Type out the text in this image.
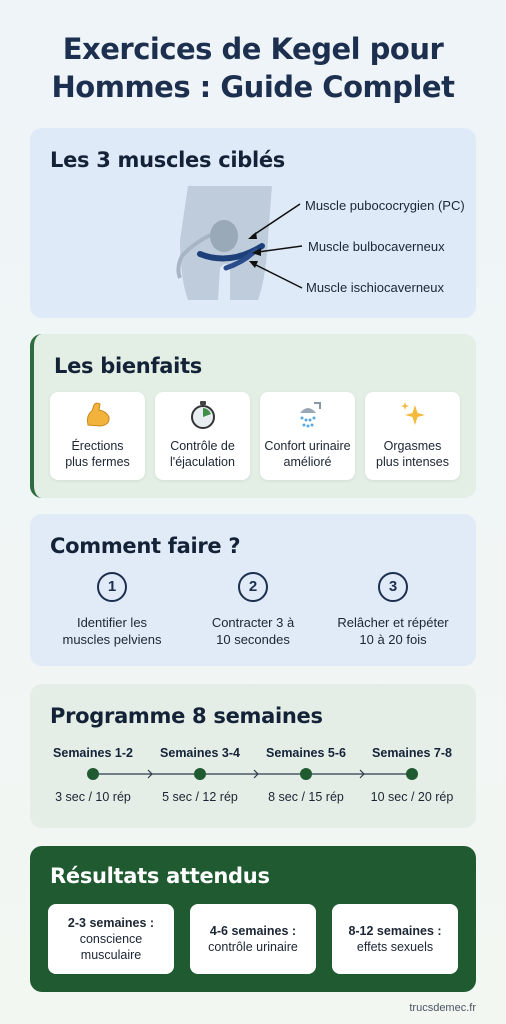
Exercices de Kegel pour
Hommes : Guide Complet
Les 3 muscles ciblés
Muscle pubococrygien (PC)
Muscle bulbocaverneux
Muscle ischiocaverneux
Les bienfaits
Érections
plus fermes
Contrôle de
l'éjaculation
Confort urinaire
amélioré
Orgasmes
plus intenses
Comment faire ?
1
Identifier les
muscles pelviens
2
Contracter 3 à
10 secondes
3
Relâcher et répéter
10 à 20 fois
Programme 8 semaines
Semaines 1-2	Semaines 3-4	Semaines 5-6	Semaines 7-8
3 sec / 10 rép	5 sec / 12 rép	8 sec / 15 rép	10 sec / 20 rép
Résultats attendus
2-3 semaines :
conscience
musculaire
4-6 semaines :
contrôle urinaire
8-12 semaines :
effets sexuels
trucsdemec.fr
